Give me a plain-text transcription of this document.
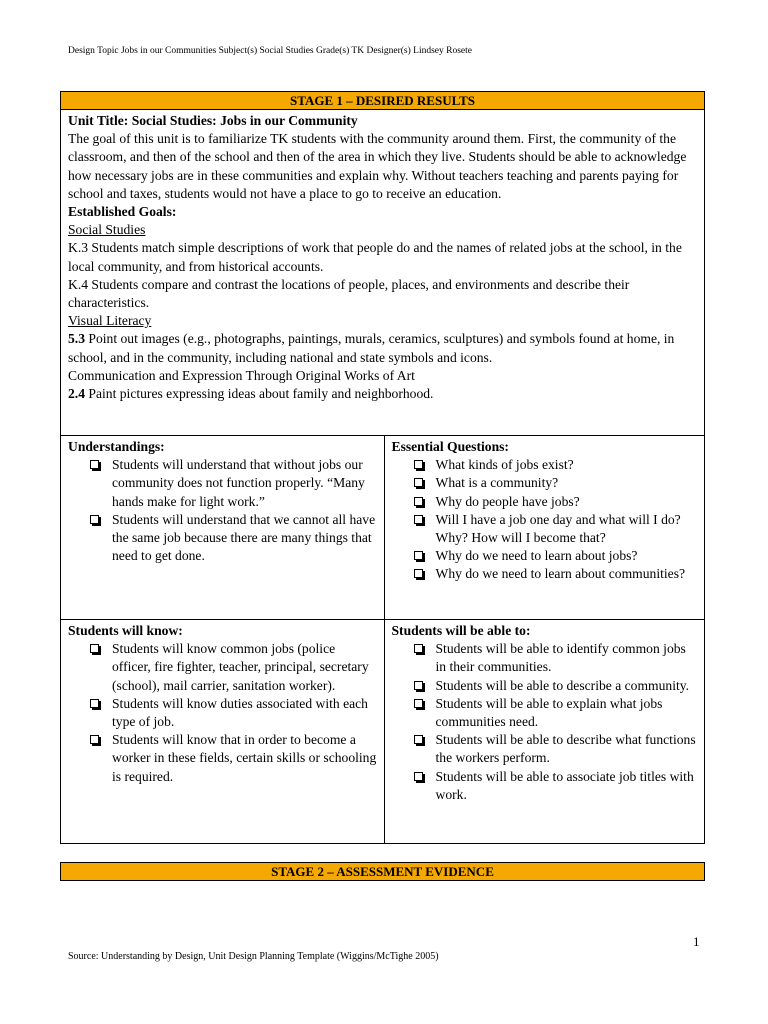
Design Topic Jobs in our Communities Subject(s) Social Studies Grade(s) TK Designer(s) Lindsey Rosete
STAGE 1 – DESIRED RESULTS

Unit Title: Social Studies: Jobs in our Community

The goal of this unit is to familiarize TK students with the community around them. First, the community of the classroom, and then of the school and then of the area in which they live. Students should be able to acknowledge how necessary jobs are in these communities and explain why. Without teachers teaching and parents paying for school and taxes, students would not have a place to go to receive an education.

Established Goals:

Social Studies

K.3 Students match simple descriptions of work that people do and the names of related jobs at the school, in the local community, and from historical accounts.

K.4 Students compare and contrast the locations of people, places, and environments and describe their characteristics.

Visual Literacy

5.3 Point out images (e.g., photographs, paintings, murals, ceramics, sculptures) and symbols found at home, in school, and in the community, including national and state symbols and icons.

Communication and Expression Through Original Works of Art

2.4 Paint pictures expressing ideas about family and neighborhood.

Understandings:
Students will understand that without jobs our community does not function properly. “Many hands make for light work.”
Students will understand that we cannot all have the same job because there are many things that need to get done.
Essential Questions:
What kinds of jobs exist?
What is a community?
Why do people have jobs?
Will I have a job one day and what will I do? Why? How will I become that?
Why do we need to learn about jobs?
Why do we need to learn about communities?
Students will know:
Students will know common jobs (police officer, fire fighter, teacher, principal, secretary (school), mail carrier, sanitation worker).
Students will know duties associated with each type of job.
Students will know that in order to become a worker in these fields, certain skills or schooling is required.
Students will be able to:
Students will be able to identify common jobs in their communities.
Students will be able to describe a community.
Students will be able to explain what jobs communities need.
Students will be able to describe what functions the workers perform.
Students will be able to associate job titles with work.
STAGE 2 – ASSESSMENT EVIDENCE
1
Source: Understanding by Design, Unit Design Planning Template (Wiggins/McTighe 2005)
